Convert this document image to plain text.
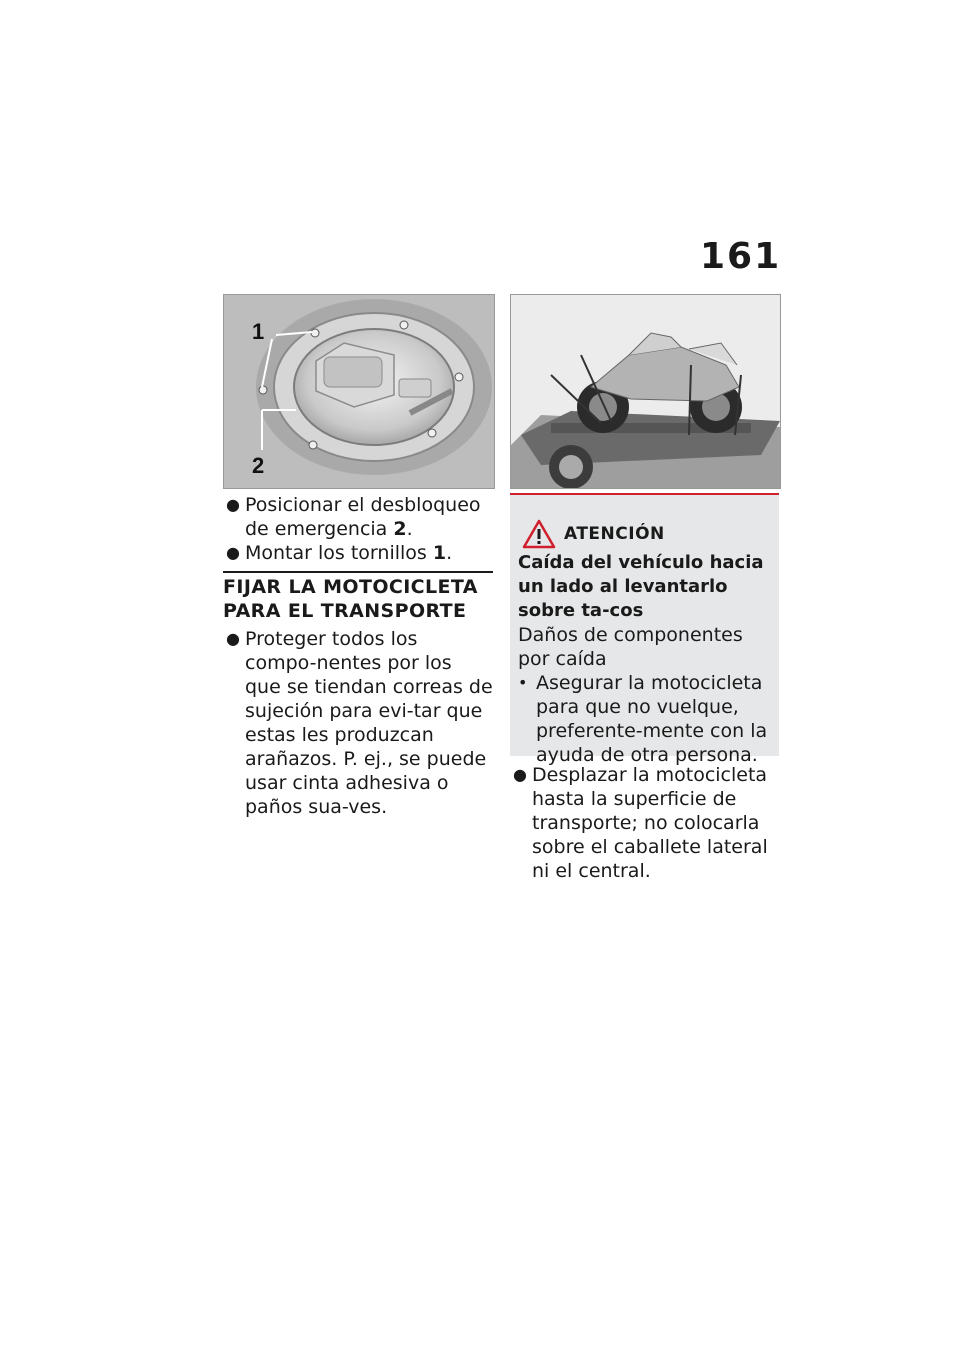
161
1
2
● Posicionar el desbloqueo de emergencia 2.
● Montar los tornillos 1.
FIJAR LA MOTOCICLETA
PARA EL TRANSPORTE
● Proteger todos los compo-nentes por los que se tiendan correas de sujeción para evi-tar que estas les produzcan arañazos. P. ej., se puede usar cinta adhesiva o paños sua-ves.
ATENCIÓN
Caída del vehículo hacia un lado al levantarlo sobre ta-cos
Daños de componentes por caída
• Asegurar la motocicleta para que no vuelque, preferente-mente con la ayuda de otra persona.
● Desplazar la motocicleta hasta la superficie de transporte; no colocarla sobre el caballete lateral ni el central.
